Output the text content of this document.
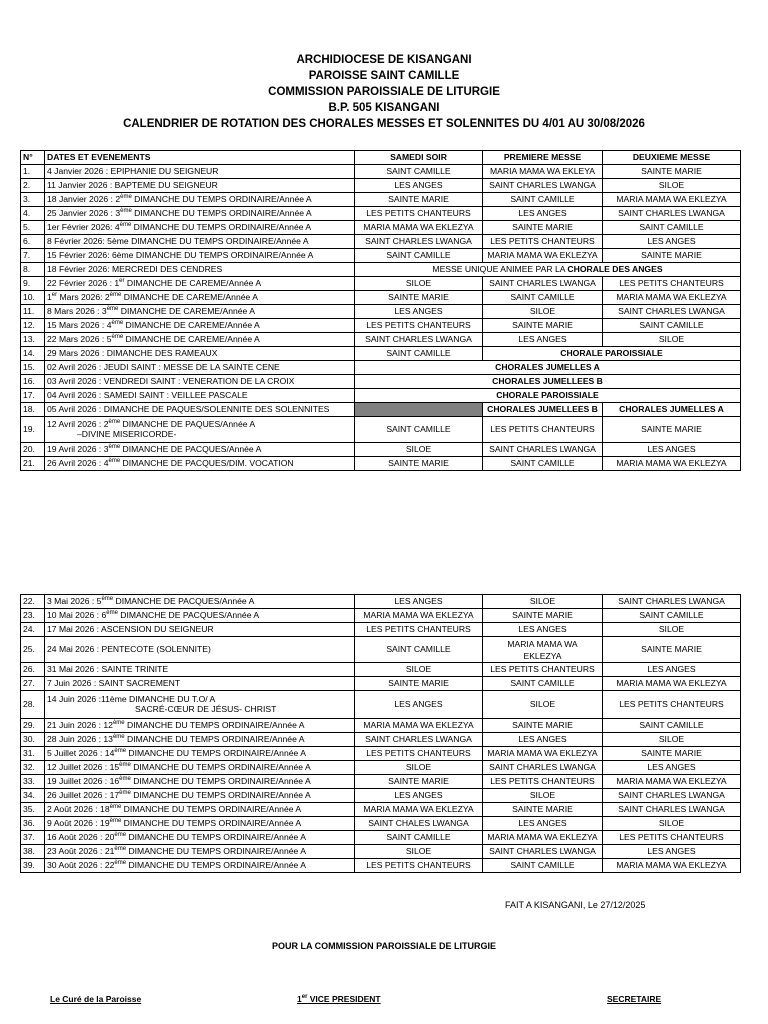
ARCHIDIOCESE DE KISANGANI
PAROISSE SAINT CAMILLE
COMMISSION PAROISSIALE DE LITURGIE
B.P. 505 KISANGANI
CALENDRIER DE ROTATION DES CHORALES MESSES ET SOLENNITES DU 4/01 AU 30/08/2026
N°	DATES ET EVENEMENTS	SAMEDI SOIR	PREMIERE MESSE	DEUXIEME MESSE
1.	4 Janvier 2026 : EPIPHANIE DU SEIGNEUR	SAINT CAMILLE	MARIA MAMA WA EKLEYA	SAINTE MARIE
2.	11 Janvier 2026 : BAPTEME DU SEIGNEUR	LES ANGES	SAINT CHARLES LWANGA	SILOE
3.	18 Janvier 2026 : 2ème DIMANCHE DU TEMPS ORDINAIRE/Année A	SAINTE MARIE	SAINT CAMILLE	MARIA MAMA WA EKLEZYA
4.	25 Janvier 2026 : 3ème DIMANCHE DU TEMPS ORDINAIRE/Année A	LES PETITS CHANTEURS	LES ANGES	SAINT CHARLES LWANGA
5.	1er Février 2026: 4ème DIMANCHE DU TEMPS ORDINAIRE/Année A	MARIA MAMA WA EKLEZYA	SAINTE MARIE	SAINT CAMILLE
6.	8 Février 2026: 5ème DIMANCHE DU TEMPS ORDINAIRE/Année A	SAINT CHARLES LWANGA	LES PETITS CHANTEURS	LES ANGES
7.	15 Février 2026: 6ème DIMANCHE DU TEMPS ORDINAIRE/Année A	SAINT CAMILLE	MARIA MAMA WA EKLEZYA	SAINTE MARIE
8.	18 Février 2026: MERCREDI DES CENDRES	MESSE UNIQUE ANIMEE PAR LA CHORALE DES ANGES		
9.	22 Février 2026 : 1er DIMANCHE DE CAREME/Année A	SILOE	SAINT CHARLES LWANGA	LES PETITS CHANTEURS
10.	1er Mars 2026: 2ème DIMANCHE DE CAREME/Année A	SAINTE MARIE	SAINT CAMILLE	MARIA MAMA WA EKLEZYA
11.	8 Mars 2026 : 3ème DIMANCHE DE CAREME/Année A	LES ANGES	SILOE	SAINT CHARLES LWANGA
12.	15 Mars 2026 : 4ème DIMANCHE DE CAREME/Année A	LES PETITS CHANTEURS	SAINTE MARIE	SAINT CAMILLE
13.	22 Mars 2026 : 5ème DIMANCHE DE CAREME/Année A	SAINT CHARLES LWANGA	LES ANGES	SILOE
14.	29 Mars 2026 : DIMANCHE DES RAMEAUX	SAINT CAMILLE	CHORALE PAROISSIALE	
15.	02 Avril 2026 : JEUDI SAINT : MESSE DE LA SAINTE CENE	CHORALES JUMELLES A		
16.	03 Avril 2026 : VENDREDI SAINT : VENERATION DE LA CROIX	CHORALES JUMELLEES B		
17.	04 Avril 2026 : SAMEDI SAINT : VEILLEE PASCALE	CHORALE PAROISSIALE		
18.	05 Avril 2026 : DIMANCHE DE PAQUES/SOLENNITE DES SOLENNITES		CHORALES JUMELLEES B	CHORALES JUMELLES A
19.	12 Avril 2026 : 2ème DIMANCHE DE PAQUES/Année A
–DIVINE MISERICORDE-	SAINT CAMILLE	LES PETITS CHANTEURS	SAINTE MARIE
20.	19 Avril 2026 : 3ème DIMANCHE DE PACQUES/Année A	SILOE	SAINT CHARLES LWANGA	LES ANGES
21.	26 Avril 2026 : 4ème DIMANCHE DE PACQUES/DIM. VOCATION	SAINTE MARIE	SAINT CAMILLE	MARIA MAMA WA EKLEZYA
22.	3 Mai 2026 : 5ème DIMANCHE DE PACQUES/Année A	LES ANGES	SILOE	SAINT CHARLES LWANGA
23.	10 Mai 2026 : 6ème DIMANCHE DE PACQUES/Année A	MARIA MAMA WA EKLEZYA	SAINTE MARIE	SAINT CAMILLE
24.	17 Mai 2026 : ASCENSION DU SEIGNEUR	LES PETITS CHANTEURS	LES ANGES	SILOE
25.	24 Mai 2026 : PENTECOTE (SOLENNITE)	SAINT CAMILLE	MARIA MAMA WA
EKLEZYA	SAINTE MARIE
26.	31 Mai 2026 : SAINTE TRINITE	SILOE	LES PETITS CHANTEURS	LES ANGES
27.	7 Juin 2026 : SAINT SACREMENT	SAINTE MARIE	SAINT CAMILLE	MARIA MAMA WA EKLEZYA
28.	14 Juin 2026 :11ème DIMANCHE DU T.O/ A
SACRÉ-CŒUR DE JÉSUS- CHRIST	LES ANGES	SILOE	LES PETITS CHANTEURS
29.	21 Juin 2026 : 12ème DIMANCHE DU TEMPS ORDINAIRE/Année A	MARIA MAMA WA EKLEZYA	SAINTE MARIE	SAINT CAMILLE
30.	28 Juin 2026 : 13ème DIMANCHE DU TEMPS ORDINAIRE/Année A	SAINT CHARLES LWANGA	LES ANGES	SILOE
31.	5 Juillet 2026 : 14ème DIMANCHE DU TEMPS ORDINAIRE/Année A	LES PETITS CHANTEURS	MARIA MAMA WA EKLEZYA	SAINTE MARIE
32.	12 Juillet 2026 : 15ème DIMANCHE DU TEMPS ORDINAIRE/Année A	SILOE	SAINT CHARLES LWANGA	LES ANGES
33.	19 Juillet 2026 : 16ème DIMANCHE DU TEMPS ORDINAIRE/Année A	SAINTE MARIE	LES PETITS CHANTEURS	MARIA MAMA WA EKLEZYA
34.	26 Juillet 2026 : 17ème DIMANCHE DU TEMPS ORDINAIRE/Année A	LES ANGES	SILOE	SAINT CHARLES LWANGA
35.	2 Août 2026 : 18ème DIMANCHE DU TEMPS ORDINAIRE/Année A	MARIA MAMA WA EKLEZYA	SAINTE MARIE	SAINT CHARLES LWANGA
36.	9 Août 2026 : 19ème DIMANCHE DU TEMPS ORDINAIRE/Année A	SAINT CHALES LWANGA	LES ANGES	SILOE
37.	16 Août 2026 : 20ème DIMANCHE DU TEMPS ORDINAIRE/Année A	SAINT CAMILLE	MARIA MAMA WA EKLEZYA	LES PETITS CHANTEURS
38.	23 Août 2026 : 21ème DIMANCHE DU TEMPS ORDINAIRE/Année A	SILOE	SAINT CHARLES LWANGA	LES ANGES
39.	30 Août 2026 : 22ème DIMANCHE DU TEMPS ORDINAIRE/Année A	LES PETITS CHANTEURS	SAINT CAMILLE	MARIA MAMA WA EKLEZYA
FAIT A KISANGANI, Le 27/12/2025
POUR LA COMMISSION PAROISSIALE DE LITURGIE
Le Curé de la Paroisse	1er VICE PRESIDENT	SECRETAIRE
